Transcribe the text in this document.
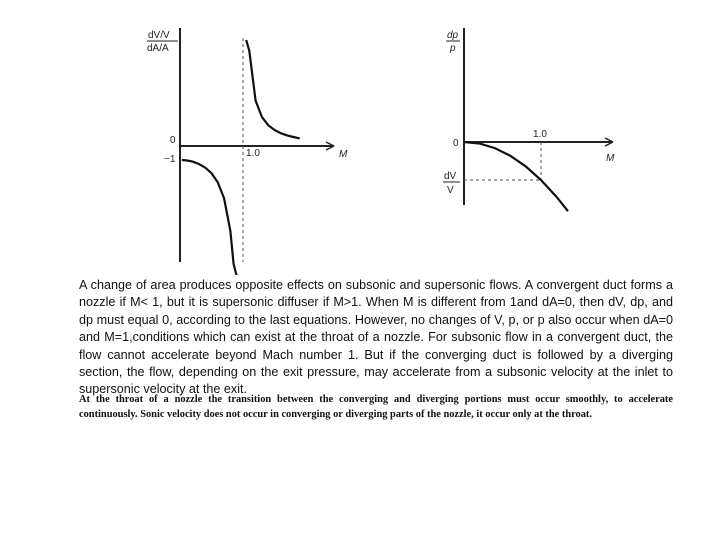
dV/V
dA/A
0
−1
1.0	M
dp
p
0
1.0
M
dV
V

A change of area produces opposite effects on subsonic and supersonic flows. A convergent duct forms a nozzle if M< 1, but it is supersonic diffuser if M>1. When M is different from 1and dA=0, then dV, dp, and dp must equal 0, according to the last equations. However, no changes of V, p, or p also occur when dA=0 and M=1,conditions which can exist at the throat of a nozzle. For subsonic flow in a convergent duct, the flow cannot accelerate beyond Mach number 1. But if the converging duct is followed by a diverging section, the flow, depending on the exit pressure, may accelerate from a subsonic velocity at the inlet to supersonic velocity at the exit.

At the throat of a nozzle the transition between the converging and diverging portions must occur smoothly, to accelerate continuously. Sonic velocity does not occur in converging or diverging parts of the nozzle, it occur only at the throat.
